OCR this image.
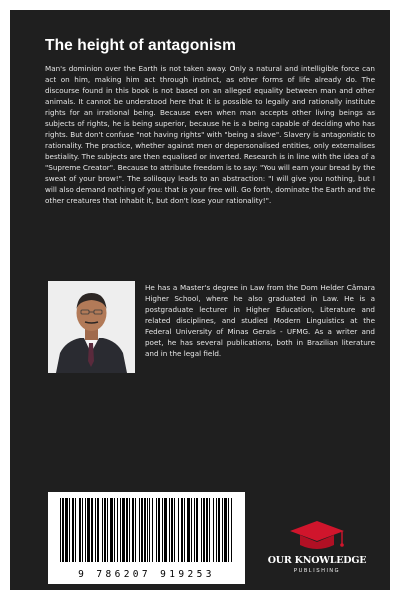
The height of antagonism
Man's dominion over the Earth is not taken away. Only a natural and intelligible force can act on him, making him act through instinct, as other forms of life already do. The discourse found in this book is not based on an alleged equality between man and other animals. It cannot be understood here that it is possible to legally and rationally institute rights for an irrational being. Because even when man accepts other living beings as subjects of rights, he is being superior, because he is a being capable of deciding who has rights. But don't confuse "not having rights" with "being a slave". Slavery is antagonistic to rationality. The practice, whether against men or depersonalised entities, only externalises bestiality. The subjects are then equalised or inverted. Research is in line with the idea of a "Supreme Creator". Because to attribute freedom is to say: "You will earn your bread by the sweat of your brow!". The soliloquy leads to an abstraction: "I will give you nothing, but I will also demand nothing of you: that is your free will. Go forth, dominate the Earth and the other creatures that inhabit it, but don't lose your rationality!".
He has a Master's degree in Law from the Dom Helder Câmara Higher School, where he also graduated in Law. He is a postgraduate lecturer in Higher Education, Literature and related disciplines, and studied Modern Linguistics at the Federal University of Minas Gerais - UFMG. As a writer and poet, he has several publications, both in Brazilian literature and in the legal field.
9 786207 919253
OUR KNOWLEDGE
PUBLISHING
